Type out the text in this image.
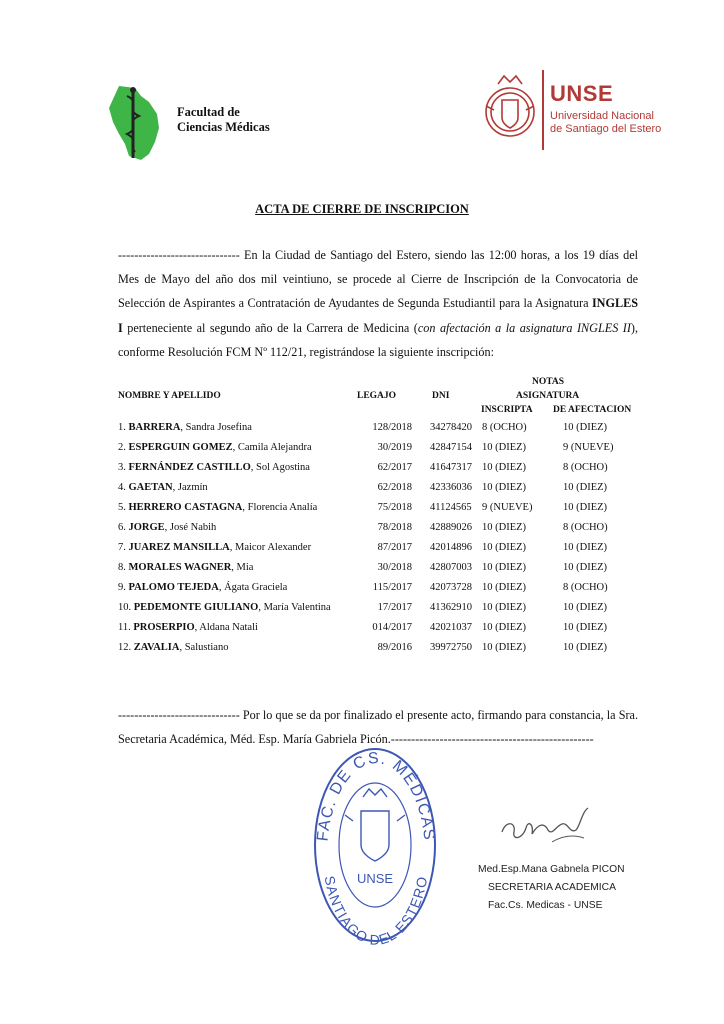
Facultad de
Ciencias Médicas
UNSE
Universidad Nacional
de Santiago del Estero
ACTA DE CIERRE DE INSCRIPCION
------------------------------ En la Ciudad de Santiago del Estero, siendo las 12:00 horas, a los 19 días del Mes de Mayo del año dos mil veintiuno, se procede al Cierre de Inscripción de la Convocatoria de Selección de Aspirantes a Contratación de Ayudantes de Segunda Estudiantil para la Asignatura INGLES I perteneciente al segundo año de la Carrera de Medicina (con afectación a la asignatura INGLES II), conforme Resolución FCM Nº 112/21, registrándose la siguiente inscripción:
NOMBRE Y APELLIDO	LEGAJO	DNI
NOTAS
ASIGNATURA
INSCRIPTA DE AFECTACION
1. BARRERA, Sandra Josefina	128/2018 34278420 8 (OCHO)	10 (DIEZ)
2. ESPERGUIN GOMEZ, Camila Alejandra	30/2019 42847154 10 (DIEZ)	9 (NUEVE)
3. FERNÁNDEZ CASTILLO, Sol Agostina	62/2017 41647317 10 (DIEZ)	8 (OCHO)
4. GAETAN, Jazmín	62/2018 42336036 10 (DIEZ)	10 (DIEZ)
5. HERRERO CASTAGNA, Florencia Analía	75/2018 41124565 9 (NUEVE)	10 (DIEZ)
6. JORGE, José Nabih	78/2018 42889026 10 (DIEZ)	8 (OCHO)
7. JUAREZ MANSILLA, Maicor Alexander	87/2017 42014896 10 (DIEZ)	10 (DIEZ)
8. MORALES WAGNER, Mia	30/2018 42807003 10 (DIEZ)	10 (DIEZ)
9. PALOMO TEJEDA, Ágata Graciela	115/2017 42073728 10 (DIEZ)	8 (OCHO)
10. PEDEMONTE GIULIANO, María Valentina	17/2017 41362910 10 (DIEZ)	10 (DIEZ)
11. PROSERPIO, Aldana Natali	014/2017 42021037 10 (DIEZ)	10 (DIEZ)
12. ZAVALIA, Salustiano	89/2016 39972750 10 (DIEZ)	10 (DIEZ)
------------------------------ Por lo que se da por finalizado el presente acto, firmando para constancia, la Sra. Secretaria Académica, Méd. Esp. María Gabriela Picón.--------------------------------------------------
FAC. DE CS. MÉDICAS
SANTIAGO DEL ESTERO
UNSE
Med.Esp.Mana Gabnela PICON
SECRETARIA ACADEMICA
Fac.Cs. Medicas - UNSE
